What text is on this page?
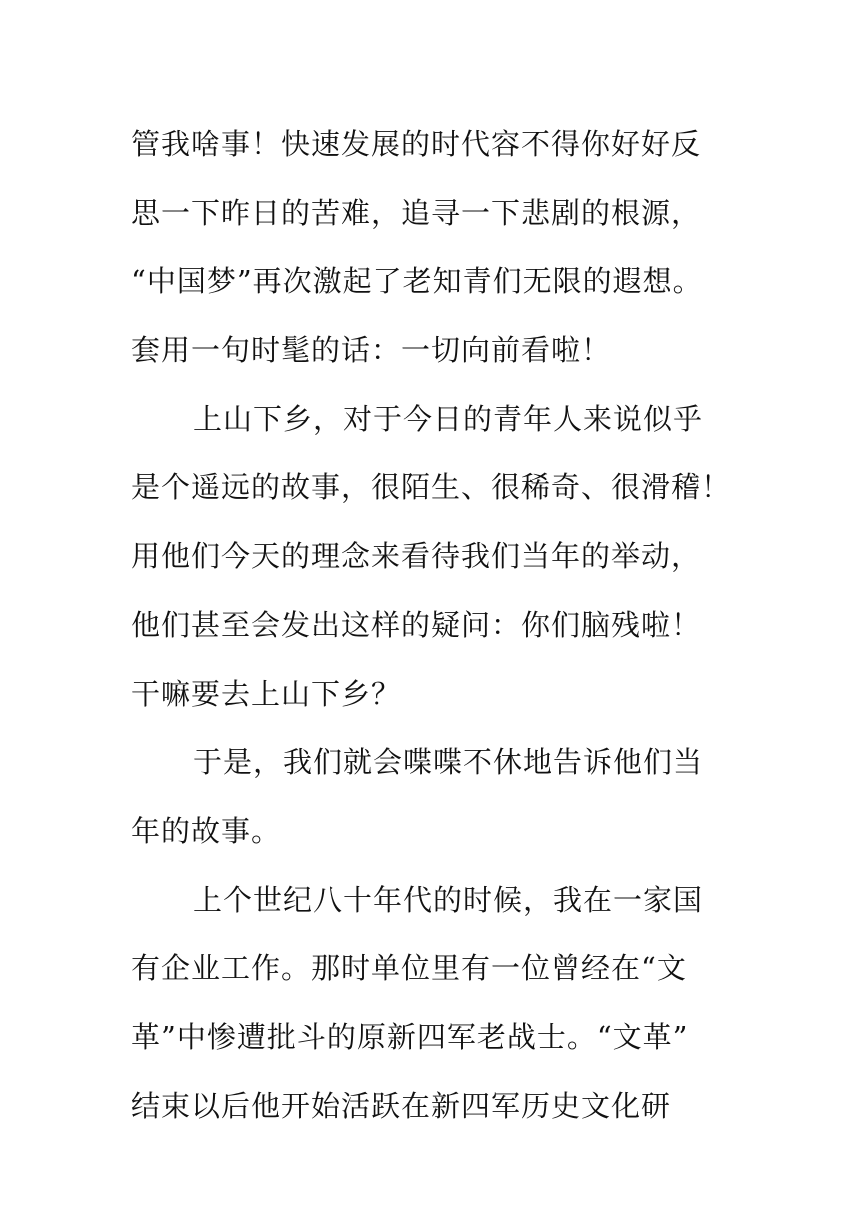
管我啥事！快速发展的时代容不得你好好反
思一下昨日的苦难，追寻一下悲剧的根源，
“中国梦”再次激起了老知青们无限的遐想。
套用一句时髦的话：一切向前看啦！
上山下乡，对于今日的青年人来说似乎
是个遥远的故事，很陌生、很稀奇、很滑稽！
用他们今天的理念来看待我们当年的举动，
他们甚至会发出这样的疑问：你们脑残啦！
干嘛要去上山下乡？
于是，我们就会喋喋不休地告诉他们当
年的故事。
上个世纪八十年代的时候，我在一家国
有企业工作。那时单位里有一位曾经在“文
革”中惨遭批斗的原新四军老战士。“文革”
结束以后他开始活跃在新四军历史文化研
